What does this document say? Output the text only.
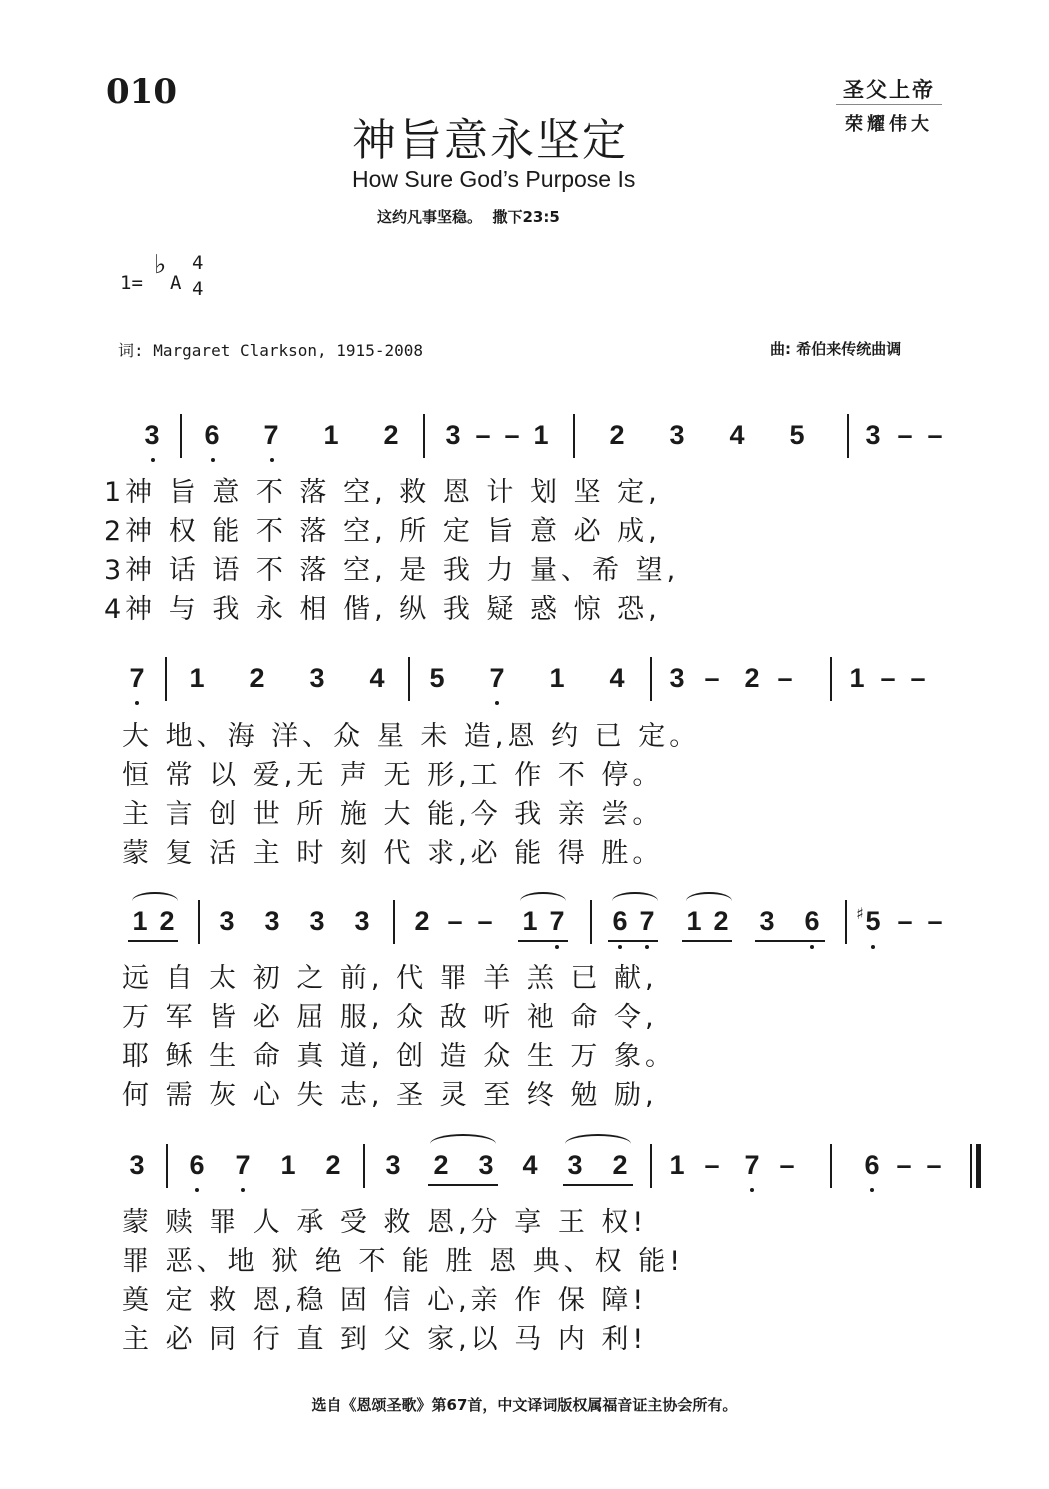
010
神旨意永坚定
How Sure God’s Purpose Is
这约凡事坚稳。  撒下23:5
圣父上帝
荣耀伟大
1=
♭
A
4
4
词: Margaret Clarkson, 1915-2008	曲: 希伯来传统曲调
3 6 7 1 2 3 – – 1 2 3 4 5 3 – –
1神 旨 意 不 落 空, 救 恩 计 划 坚 定,
2神 权 能 不 落 空, 所 定 旨 意 必 成,
3神 话 语 不 落 空, 是 我 力 量、希 望,
4神 与 我 永 相 偕, 纵 我 疑 惑 惊 恐,
7 1 2 3 4 5 7 1 4 3 – 2 – 1 – –
大 地、海 洋、众 星 未 造,恩 约 已 定。
恒 常 以 爱,无 声 无 形,工 作 不 停。
主 言 创 世 所 施 大 能,今 我 亲 尝。
蒙 复 活 主 时 刻 代 求,必 能 得 胜。
1 2 3 3 3 3 2 – – 1 7 6 7 1 2 3 6 ♯ 5 – –
远 自 太 初 之 前, 代 罪 羊 羔 已 献,
万 军 皆 必 屈 服, 众 敌 听 祂 命 令,
耶 稣 生 命 真 道, 创 造 众 生 万 象。
何 需 灰 心 失 志, 圣 灵 至 终 勉 励,
3 6 7 1 2 3 2 3 4 3 2 1 – 7 –	6 – –
蒙 赎 罪 人 承 受 救 恩,分 享 王 权!
罪 恶、地 狱 绝 不 能 胜 恩 典、权 能!
奠 定 救 恩,稳 固 信 心,亲 作 保 障!
主 必 同 行 直 到 父 家,以 马 内 利!
选自《恩颂圣歌》第67首，中文译词版权属福音证主协会所有。
